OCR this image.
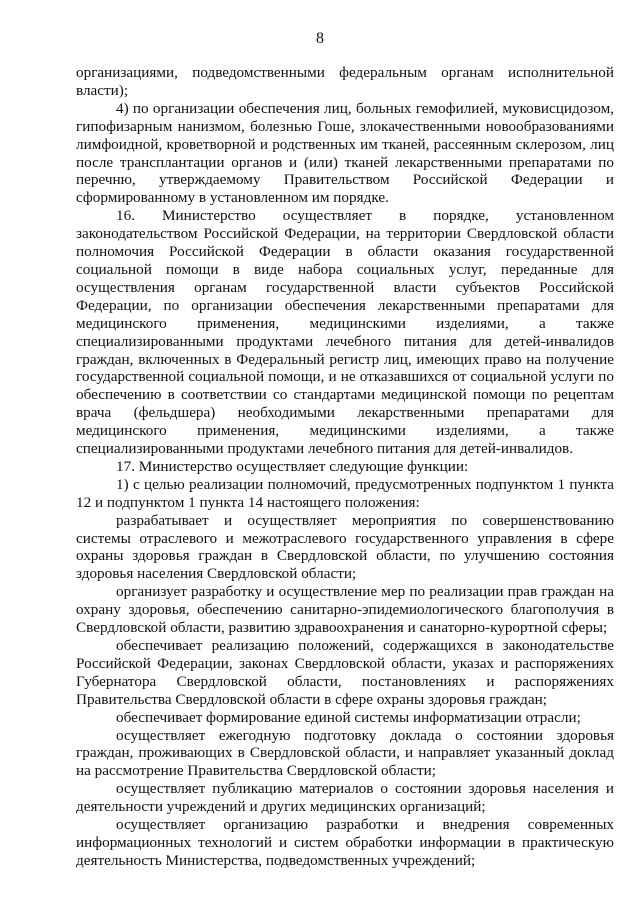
8

организациями, подведомственными федеральным органам исполнительной власти);

4) по организации обеспечения лиц, больных гемофилией, муковисцидозом, гипофизарным нанизмом, болезнью Гоше, злокачественными новообразованиями лимфоидной, кроветворной и родственных им тканей, рассеянным склерозом, лиц после трансплантации органов и (или) тканей лекарственными препаратами по перечню, утверждаемому Правительством Российской Федерации и сформированному в установленном им порядке.

16. Министерство осуществляет в порядке, установленном законодательством Российской Федерации, на территории Свердловской области полномочия Российской Федерации в области оказания государственной социальной помощи в виде набора социальных услуг, переданные для осуществления органам государственной власти субъектов Российской Федерации, по организации обеспечения лекарственными препаратами для медицинского применения, медицинскими изделиями, а также специализированными продуктами лечебного питания для детей-инвалидов граждан, включенных в Федеральный регистр лиц, имеющих право на получение государственной социальной помощи, и не отказавшихся от социальной услуги по обеспечению в соответствии со стандартами медицинской помощи по рецептам врача (фельдшера) необходимыми лекарственными препаратами для медицинского применения, медицинскими изделиями, а также специализированными продуктами лечебного питания для детей-инвалидов.

17. Министерство осуществляет следующие функции:

1) с целью реализации полномочий, предусмотренных подпунктом 1 пункта 12 и подпунктом 1 пункта 14 настоящего положения:

разрабатывает и осуществляет мероприятия по совершенствованию системы отраслевого и межотраслевого государственного управления в сфере охраны здоровья граждан в Свердловской области, по улучшению состояния здоровья населения Свердловской области;

организует разработку и осуществление мер по реализации прав граждан на охрану здоровья, обеспечению санитарно-эпидемиологического благополучия в Свердловской области, развитию здравоохранения и санаторно-курортной сферы;

обеспечивает реализацию положений, содержащихся в законодательстве Российской Федерации, законах Свердловской области, указах и распоряжениях Губернатора Свердловской области, постановлениях и распоряжениях Правительства Свердловской области в сфере охраны здоровья граждан;

обеспечивает формирование единой системы информатизации отрасли;

осуществляет ежегодную подготовку доклада о состоянии здоровья граждан, проживающих в Свердловской области, и направляет указанный доклад на рассмотрение Правительства Свердловской области;

осуществляет публикацию материалов о состоянии здоровья населения и деятельности учреждений и других медицинских организаций;

осуществляет организацию разработки и внедрения современных информационных технологий и систем обработки информации в практическую деятельность Министерства, подведомственных учреждений;
